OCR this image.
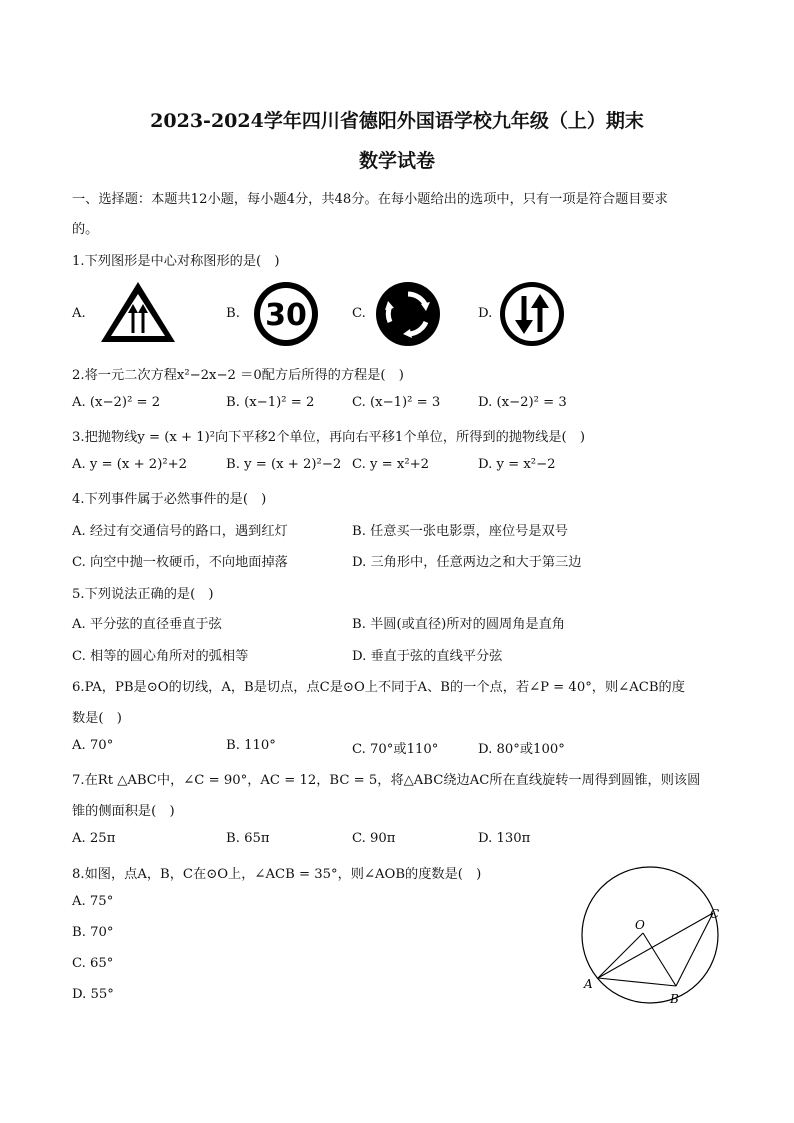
2023-2024学年四川省德阳外国语学校九年级（上）期末
数学试卷
一、选择题：本题共12小题，每小题4分，共48分。在每小题给出的选项中，只有一项是符合题目要求
的。
1.下列图形是中心对称图形的是(　)
A.	B. 30	C.	D.
2.将一元二次方程x²−2x−2 ＝0配方后所得的方程是(　)
A. (x−2)² = 2	B. (x−1)² = 2	C. (x−1)² = 3	D. (x−2)² = 3
3.把抛物线y = (x + 1)²向下平移2个单位，再向右平移1个单位，所得到的抛物线是(　)
A. y = (x + 2)²+2	B. y = (x + 2)²−2 C. y = x²+2	D. y = x²−2
4.下列事件属于必然事件的是(　)
A. 经过有交通信号的路口，遇到红灯	B. 任意买一张电影票，座位号是双号
C. 向空中抛一枚硬币，不向地面掉落	D. 三角形中，任意两边之和大于第三边
5.下列说法正确的是(　)
A. 平分弦的直径垂直于弦	B. 半圆(或直径)所对的圆周角是直角
C. 相等的圆心角所对的弧相等	D. 垂直于弦的直线平分弦
6.PA，PB是⊙O的切线，A，B是切点，点C是⊙O上不同于A、B的一个点，若∠P = 40°，则∠ACB的度
数是(　)
A. 70°	B. 110°	C. 70°或110°	D. 80°或100°
7.在Rt △ABC中，∠C = 90°，AC = 12，BC = 5，将△ABC绕边AC所在直线旋转一周得到圆锥，则该圆
锥的侧面积是(　)
A. 25π	B. 65π	C. 90π	D. 130π
8.如图，点A，B，C在⊙O上，∠ACB = 35°，则∠AOB的度数是(　)
A. 75°
B. 70°
C. 65°
D. 55°
O
A
B
C
